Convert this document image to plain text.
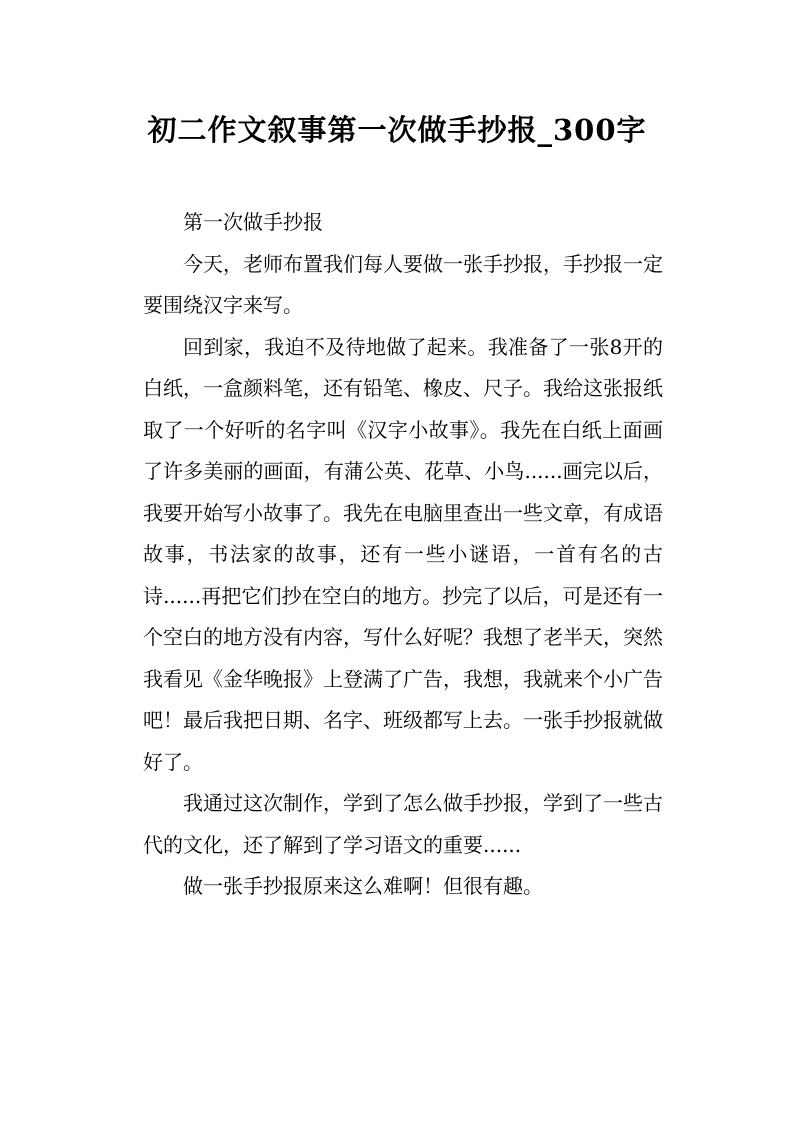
初二作文叙事第一次做手抄报_300字

第一次做手抄报

今天，老师布置我们每人要做一张手抄报，手抄报一定要围绕汉字来写。

回到家，我迫不及待地做了起来。我准备了一张8开的白纸，一盒颜料笔，还有铅笔、橡皮、尺子。我给这张报纸取了一个好听的名字叫《汉字小故事》。我先在白纸上面画了许多美丽的画面，有蒲公英、花草、小鸟......画完以后，我要开始写小故事了。我先在电脑里查出一些文章，有成语故事，书法家的故事，还有一些小谜语，一首有名的古诗......再把它们抄在空白的地方。抄完了以后，可是还有一个空白的地方没有内容，写什么好呢？我想了老半天，突然我看见《金华晚报》上登满了广告，我想，我就来个小广告吧！最后我把日期、名字、班级都写上去。一张手抄报就做好了。

我通过这次制作，学到了怎么做手抄报，学到了一些古代的文化，还了解到了学习语文的重要......

做一张手抄报原来这么难啊！但很有趣。
